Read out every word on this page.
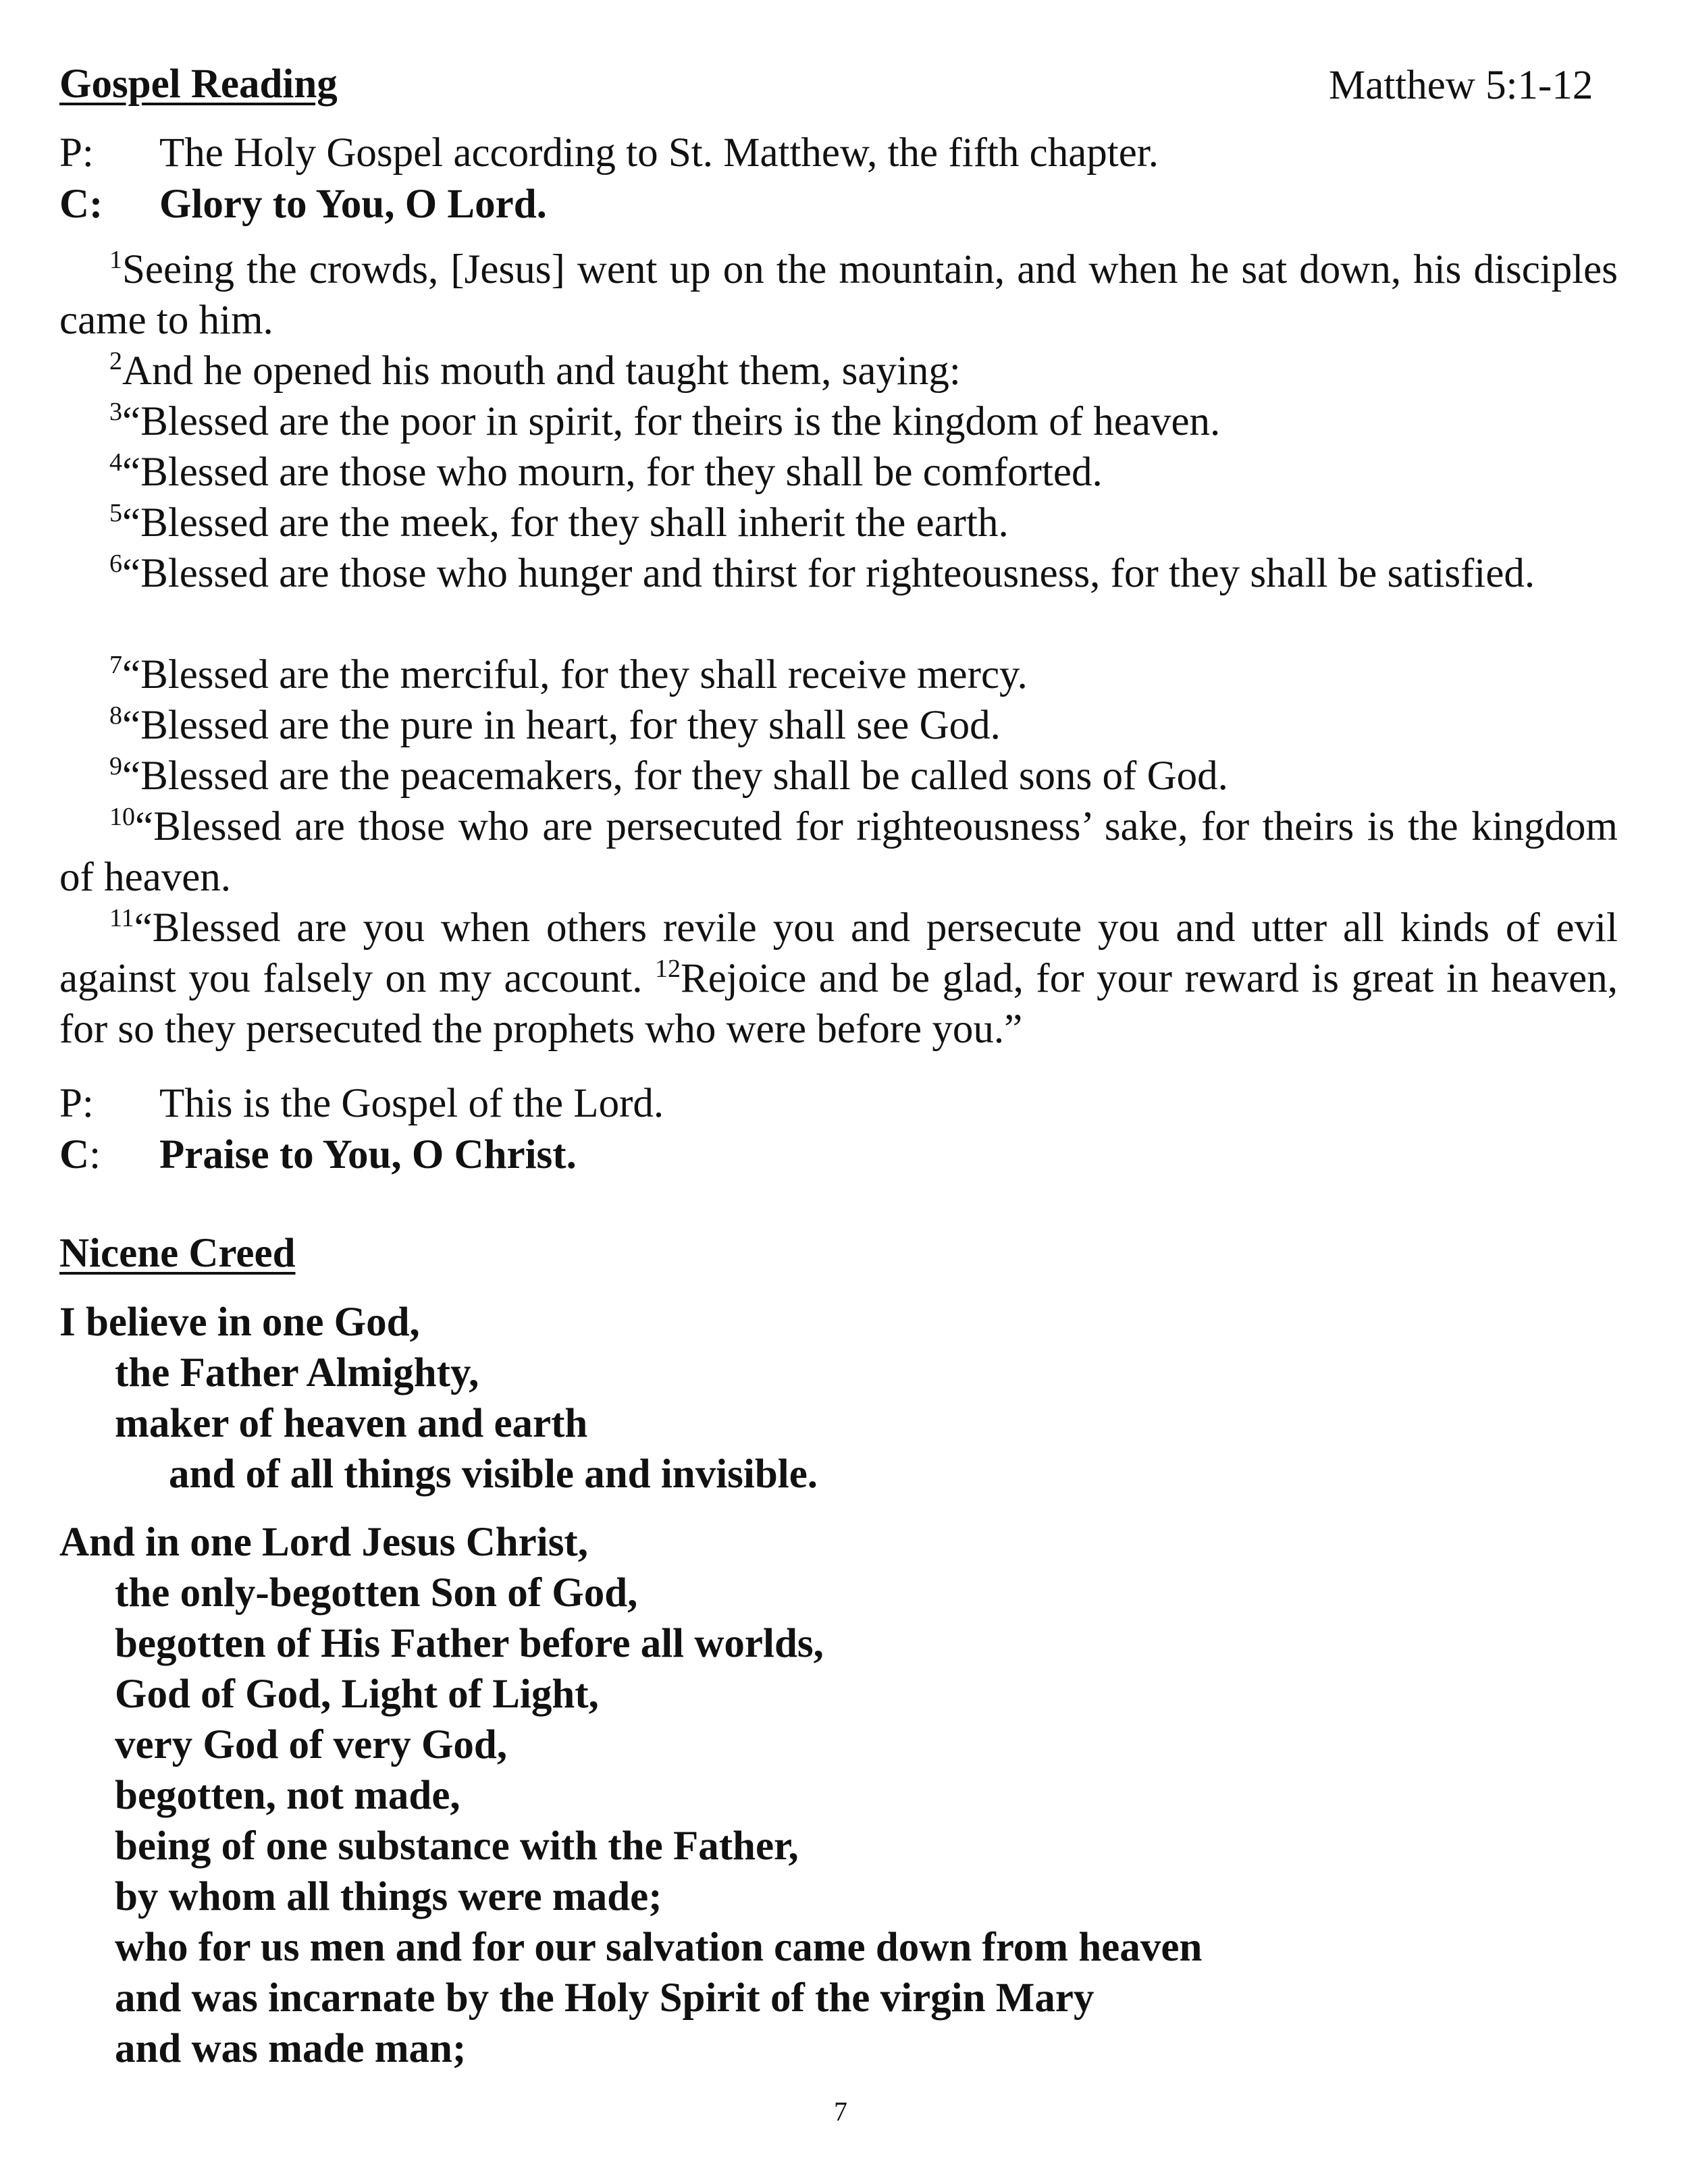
Gospel Reading	Matthew 5:1-12
P: The Holy Gospel according to St. Matthew, the fifth chapter.
C: Glory to You, O Lord.
$^1$Seeing the crowds, [Jesus] went up on the mountain, and when he sat down, his disciples came to him.
$^2$And he opened his mouth and taught them, saying:
$^3$“Blessed are the poor in spirit, for theirs is the kingdom of heaven.
$^4$“Blessed are those who mourn, for they shall be comforted.
$^5$“Blessed are the meek, for they shall inherit the earth.
$^6$“Blessed are those who hunger and thirst for righteousness, for they shall be satisfied.
$^7$“Blessed are the merciful, for they shall receive mercy.
$^8$“Blessed are the pure in heart, for they shall see God.
$^9$“Blessed are the peacemakers, for they shall be called sons of God.
$^{10}$“Blessed are those who are persecuted for righteousness’ sake, for theirs is the kingdom of heaven.
$^{11}$“Blessed are you when others revile you and persecute you and utter all kinds of evil against you falsely on my account. $^{12}$Rejoice and be glad, for your reward is great in heaven, for so they persecuted the prophets who were before you.”
P: This is the Gospel of the Lord.
C: Praise to You, O Christ.
Nicene Creed
I believe in one God,
the Father Almighty,
maker of heaven and earth
and of all things visible and invisible.
And in one Lord Jesus Christ,
the only-begotten Son of God,
begotten of His Father before all worlds,
God of God, Light of Light,
very God of very God,
begotten, not made,
being of one substance with the Father,
by whom all things were made;
who for us men and for our salvation came down from heaven
and was incarnate by the Holy Spirit of the virgin Mary
and was made man;
7
